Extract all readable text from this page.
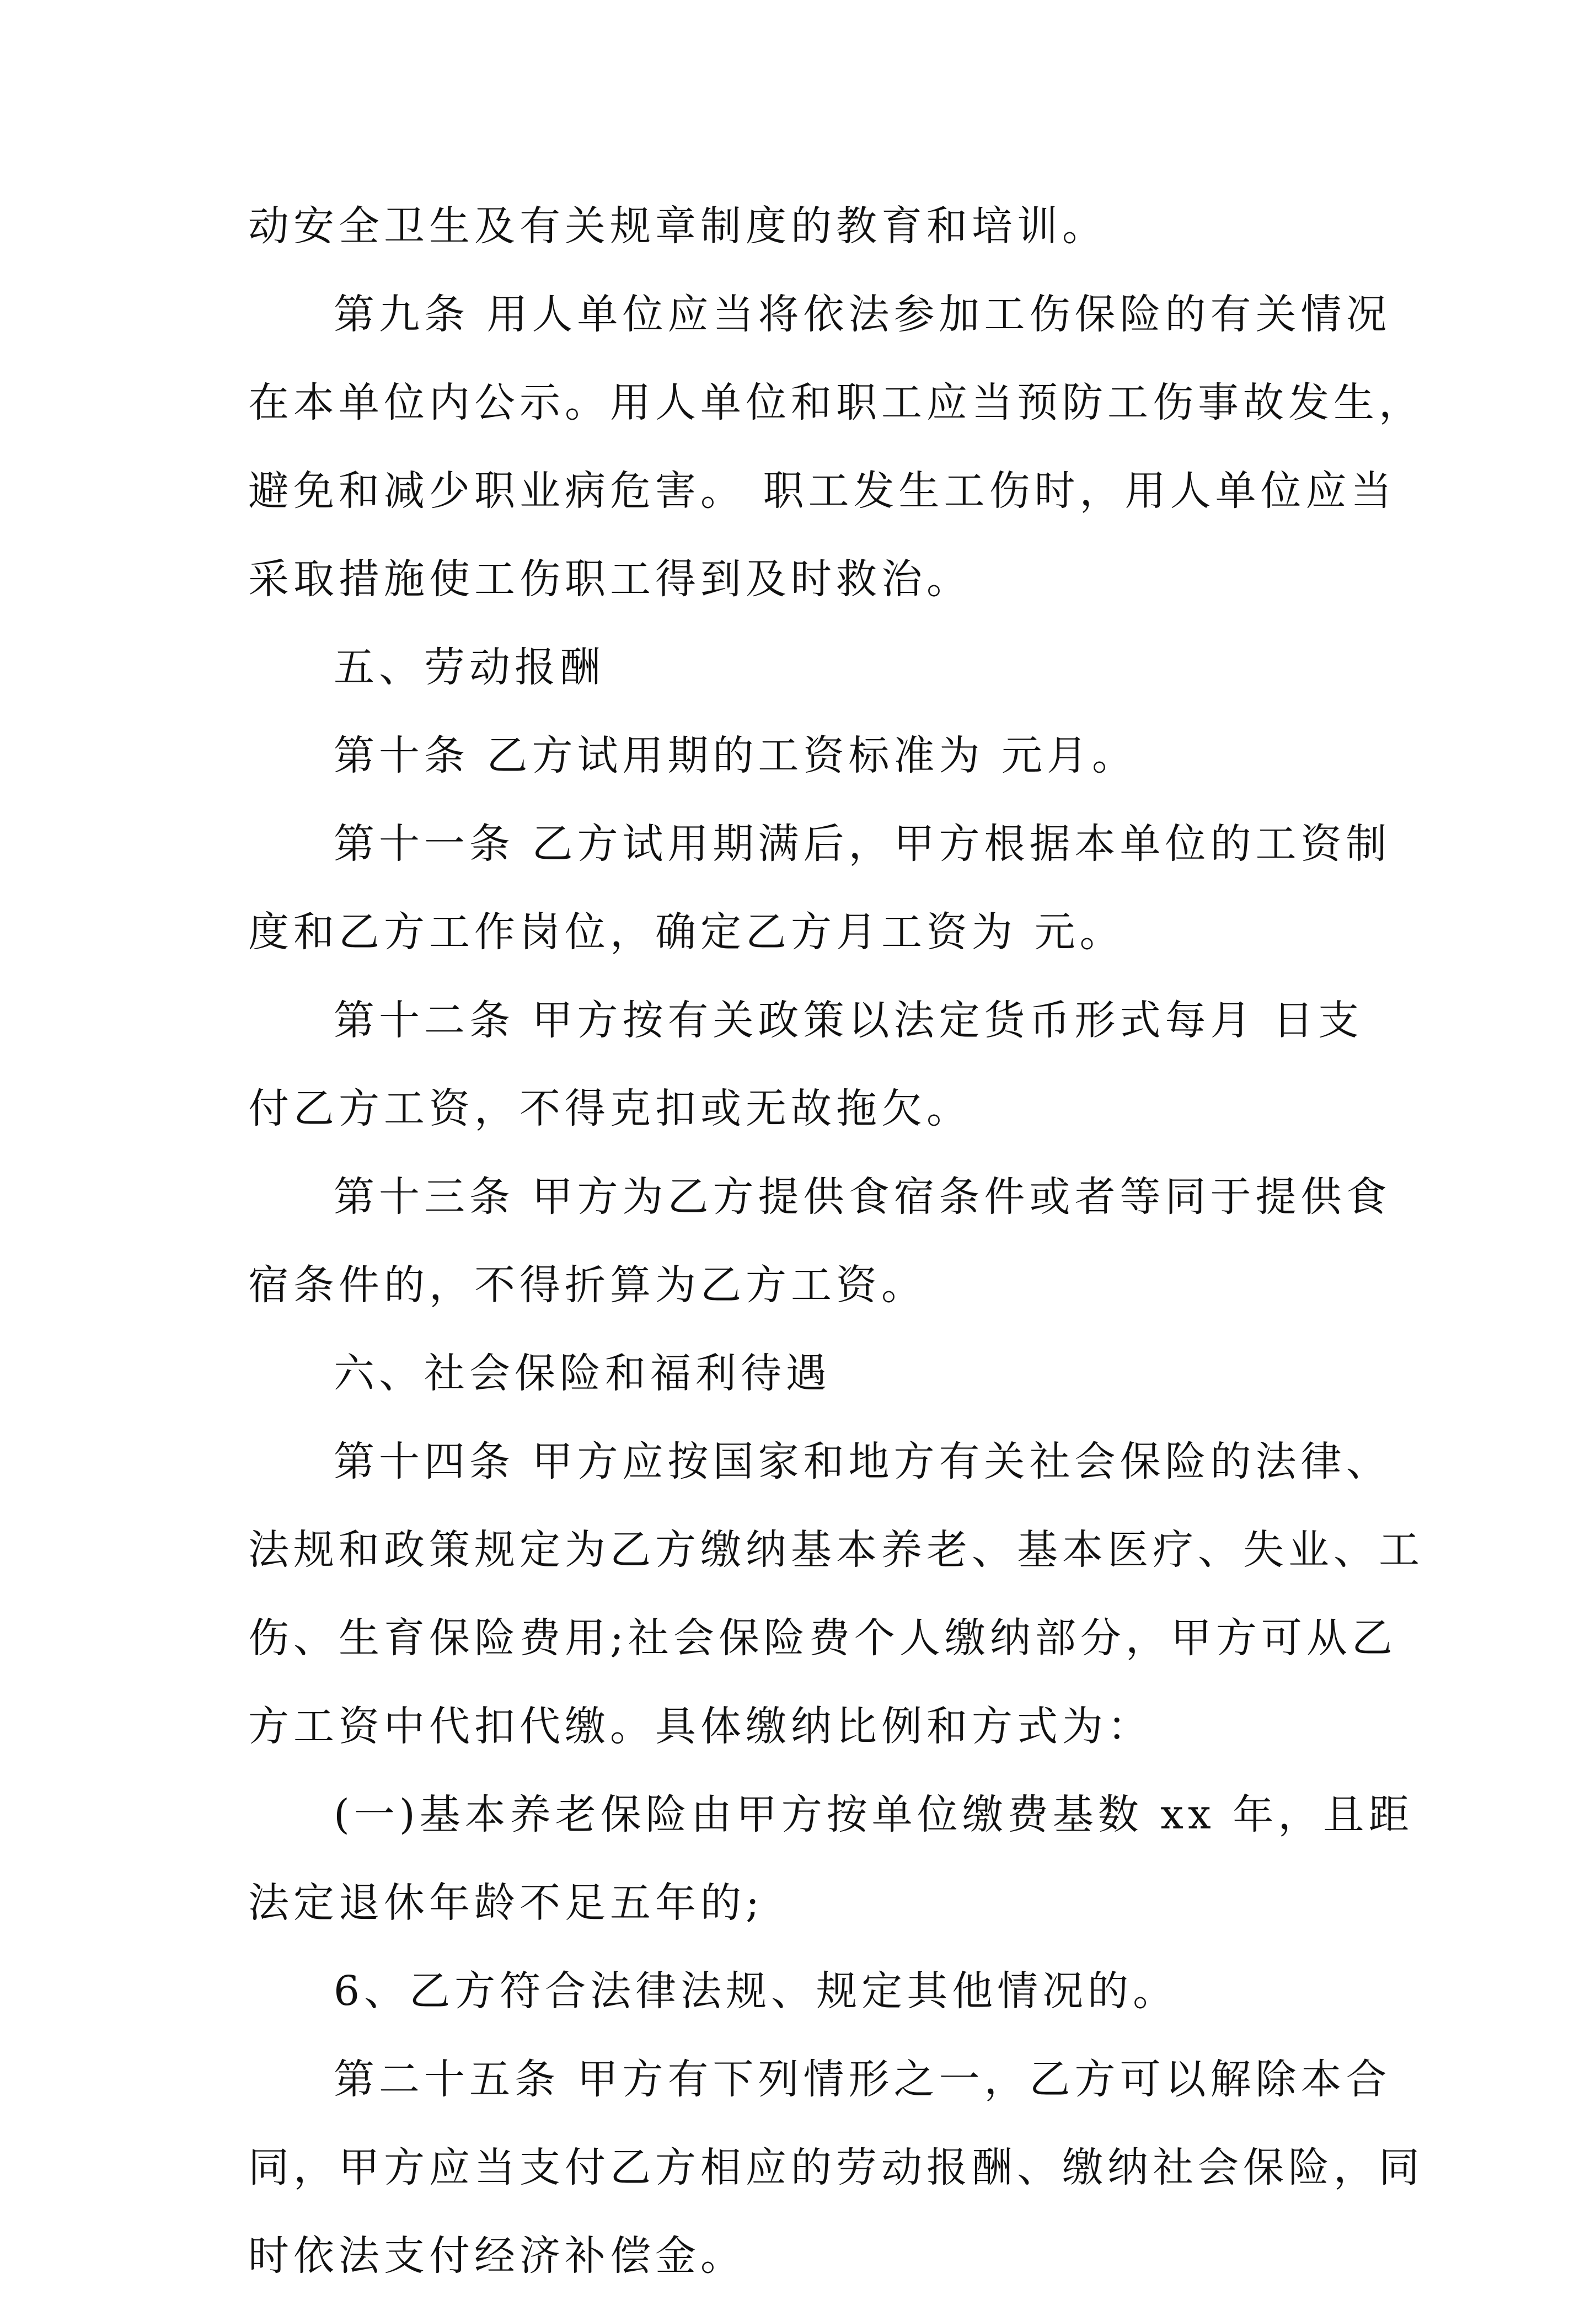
动安全卫生及有关规章制度的教育和培训。
第九条 用人单位应当将依法参加工伤保险的有关情况
在本单位内公示。用人单位和职工应当预防工伤事故发生，
避免和减少职业病危害。 职工发生工伤时，用人单位应当
采取措施使工伤职工得到及时救治。
五、劳动报酬
第十条 乙方试用期的工资标准为 元月。
第十一条 乙方试用期满后，甲方根据本单位的工资制
度和乙方工作岗位，确定乙方月工资为 元。
第十二条 甲方按有关政策以法定货币形式每月 日支
付乙方工资，不得克扣或无故拖欠。
第十三条 甲方为乙方提供食宿条件或者等同于提供食
宿条件的，不得折算为乙方工资。
六、社会保险和福利待遇
第十四条 甲方应按国家和地方有关社会保险的法律、
法规和政策规定为乙方缴纳基本养老、基本医疗、失业、工
伤、生育保险费用;社会保险费个人缴纳部分，甲方可从乙
方工资中代扣代缴。具体缴纳比例和方式为：
(一)基本养老保险由甲方按单位缴费基数 xx 年，且距
法定退休年龄不足五年的;
6、乙方符合法律法规、规定其他情况的。
第二十五条 甲方有下列情形之一，乙方可以解除本合
同，甲方应当支付乙方相应的劳动报酬、缴纳社会保险，同
时依法支付经济补偿金。
